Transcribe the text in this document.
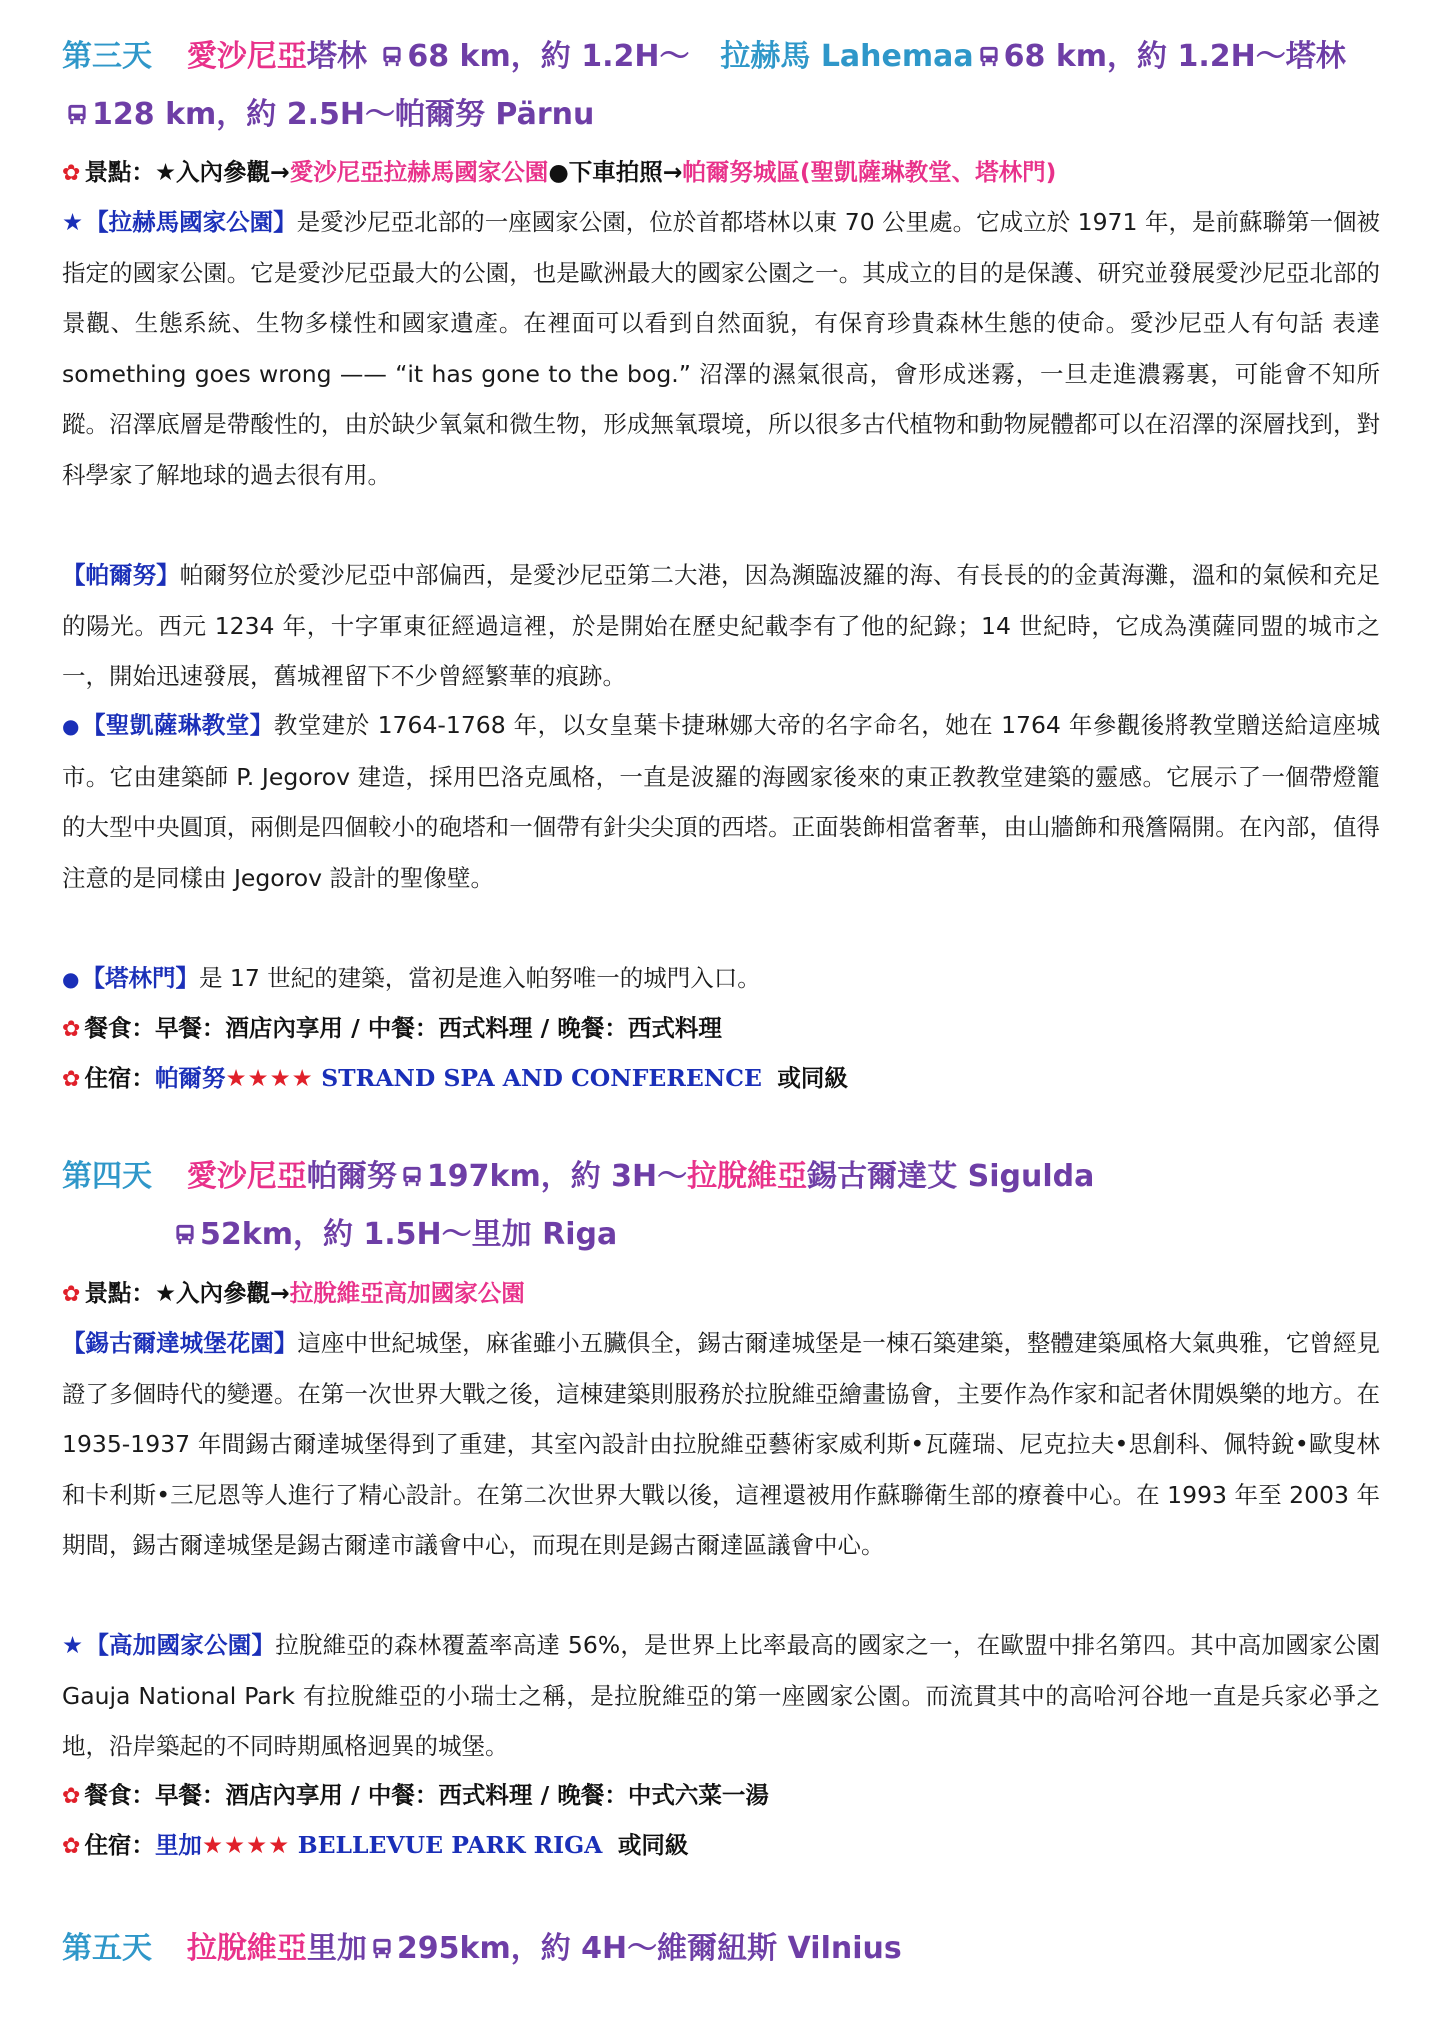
第三天 愛沙尼亞塔林 68 km，約 1.2H～ 拉赫馬 Lahemaa 68 km，約 1.2H～塔林
128 km，約 2.5H～帕爾努 Pärnu
✿ 景點：★入內參觀→愛沙尼亞拉赫馬國家公園●下車拍照→帕爾努城區(聖凱薩琳教堂、塔林門)
★【拉赫馬國家公園】是愛沙尼亞北部的一座國家公園，位於首都塔林以東 70 公里處。它成立於 1971 年，是前蘇聯第一個被指定的國家公園。它是愛沙尼亞最大的公園，也是歐洲最大的國家公園之一。其成立的目的是保護、研究並發展愛沙尼亞北部的景觀、生態系統、生物多樣性和國家遺產。在裡面可以看到自然面貌，有保育珍貴森林生態的使命。愛沙尼亞人有句話 表達 something goes wrong —— “it has gone to the bog.” 沼澤的濕氣很高，會形成迷霧，一旦走進濃霧裏，可能會不知所蹤。沼澤底層是帶酸性的，由於缺少氧氣和微生物，形成無氧環境，所以很多古代植物和動物屍體都可以在沼澤的深層找到，對科學家了解地球的過去很有用。
【帕爾努】帕爾努位於愛沙尼亞中部偏西，是愛沙尼亞第二大港，因為瀕臨波羅的海、有長長的的金黃海灘，溫和的氣候和充足的陽光。西元 1234 年，十字軍東征經過這裡，於是開始在歷史紀載李有了他的紀錄；14 世紀時，它成為漢薩同盟的城市之一，開始迅速發展，舊城裡留下不少曾經繁華的痕跡。
●【聖凱薩琳教堂】教堂建於 1764-1768 年，以女皇葉卡捷琳娜大帝的名字命名，她在 1764 年參觀後將教堂贈送給這座城市。它由建築師 P. Jegorov 建造，採用巴洛克風格，一直是波羅的海國家後來的東正教教堂建築的靈感。它展示了一個帶燈籠的大型中央圓頂，兩側是四個較小的砲塔和一個帶有針尖尖頂的西塔。正面裝飾相當奢華，由山牆飾和飛簷隔開。在內部，值得注意的是同樣由 Jegorov 設計的聖像壁。
●【塔林門】是 17 世紀的建築，當初是進入帕努唯一的城門入口。
✿ 餐食：早餐：酒店內享用 / 中餐：西式料理 / 晚餐：西式料理
✿ 住宿：帕爾努★★★★ STRAND SPA AND CONFERENCE 或同級
第四天 愛沙尼亞帕爾努 197km，約 3H～拉脫維亞錫古爾達艾 Sigulda
52km，約 1.5H～里加 Riga
✿ 景點：★入內參觀→拉脫維亞高加國家公園
【錫古爾達城堡花園】這座中世紀城堡，麻雀雖小五臟俱全，錫古爾達城堡是一棟石築建築，整體建築風格大氣典雅，它曾經見證了多個時代的變遷。在第一次世界大戰之後，這棟建築則服務於拉脫維亞繪畫協會，主要作為作家和記者休閒娛樂的地方。在 1935-1937 年間錫古爾達城堡得到了重建，其室內設計由拉脫維亞藝術家威利斯•瓦薩瑞、尼克拉夫•思創科、佩特銳•歐叟林和卡利斯•三尼恩等人進行了精心設計。在第二次世界大戰以後，這裡還被用作蘇聯衛生部的療養中心。在 1993 年至 2003 年期間，錫古爾達城堡是錫古爾達市議會中心，而現在則是錫古爾達區議會中心。
★【高加國家公園】拉脫維亞的森林覆蓋率高達 56%，是世界上比率最高的國家之一，在歐盟中排名第四。其中高加國家公園 Gauja National Park 有拉脫維亞的小瑞士之稱，是拉脫維亞的第一座國家公園。而流貫其中的高哈河谷地一直是兵家必爭之地，沿岸築起的不同時期風格迥異的城堡。
✿ 餐食：早餐：酒店內享用 / 中餐：西式料理 / 晚餐：中式六菜一湯
✿ 住宿：里加★★★★ BELLEVUE PARK RIGA 或同級
第五天 拉脫維亞里加 295km，約 4H～維爾紐斯 Vilnius
